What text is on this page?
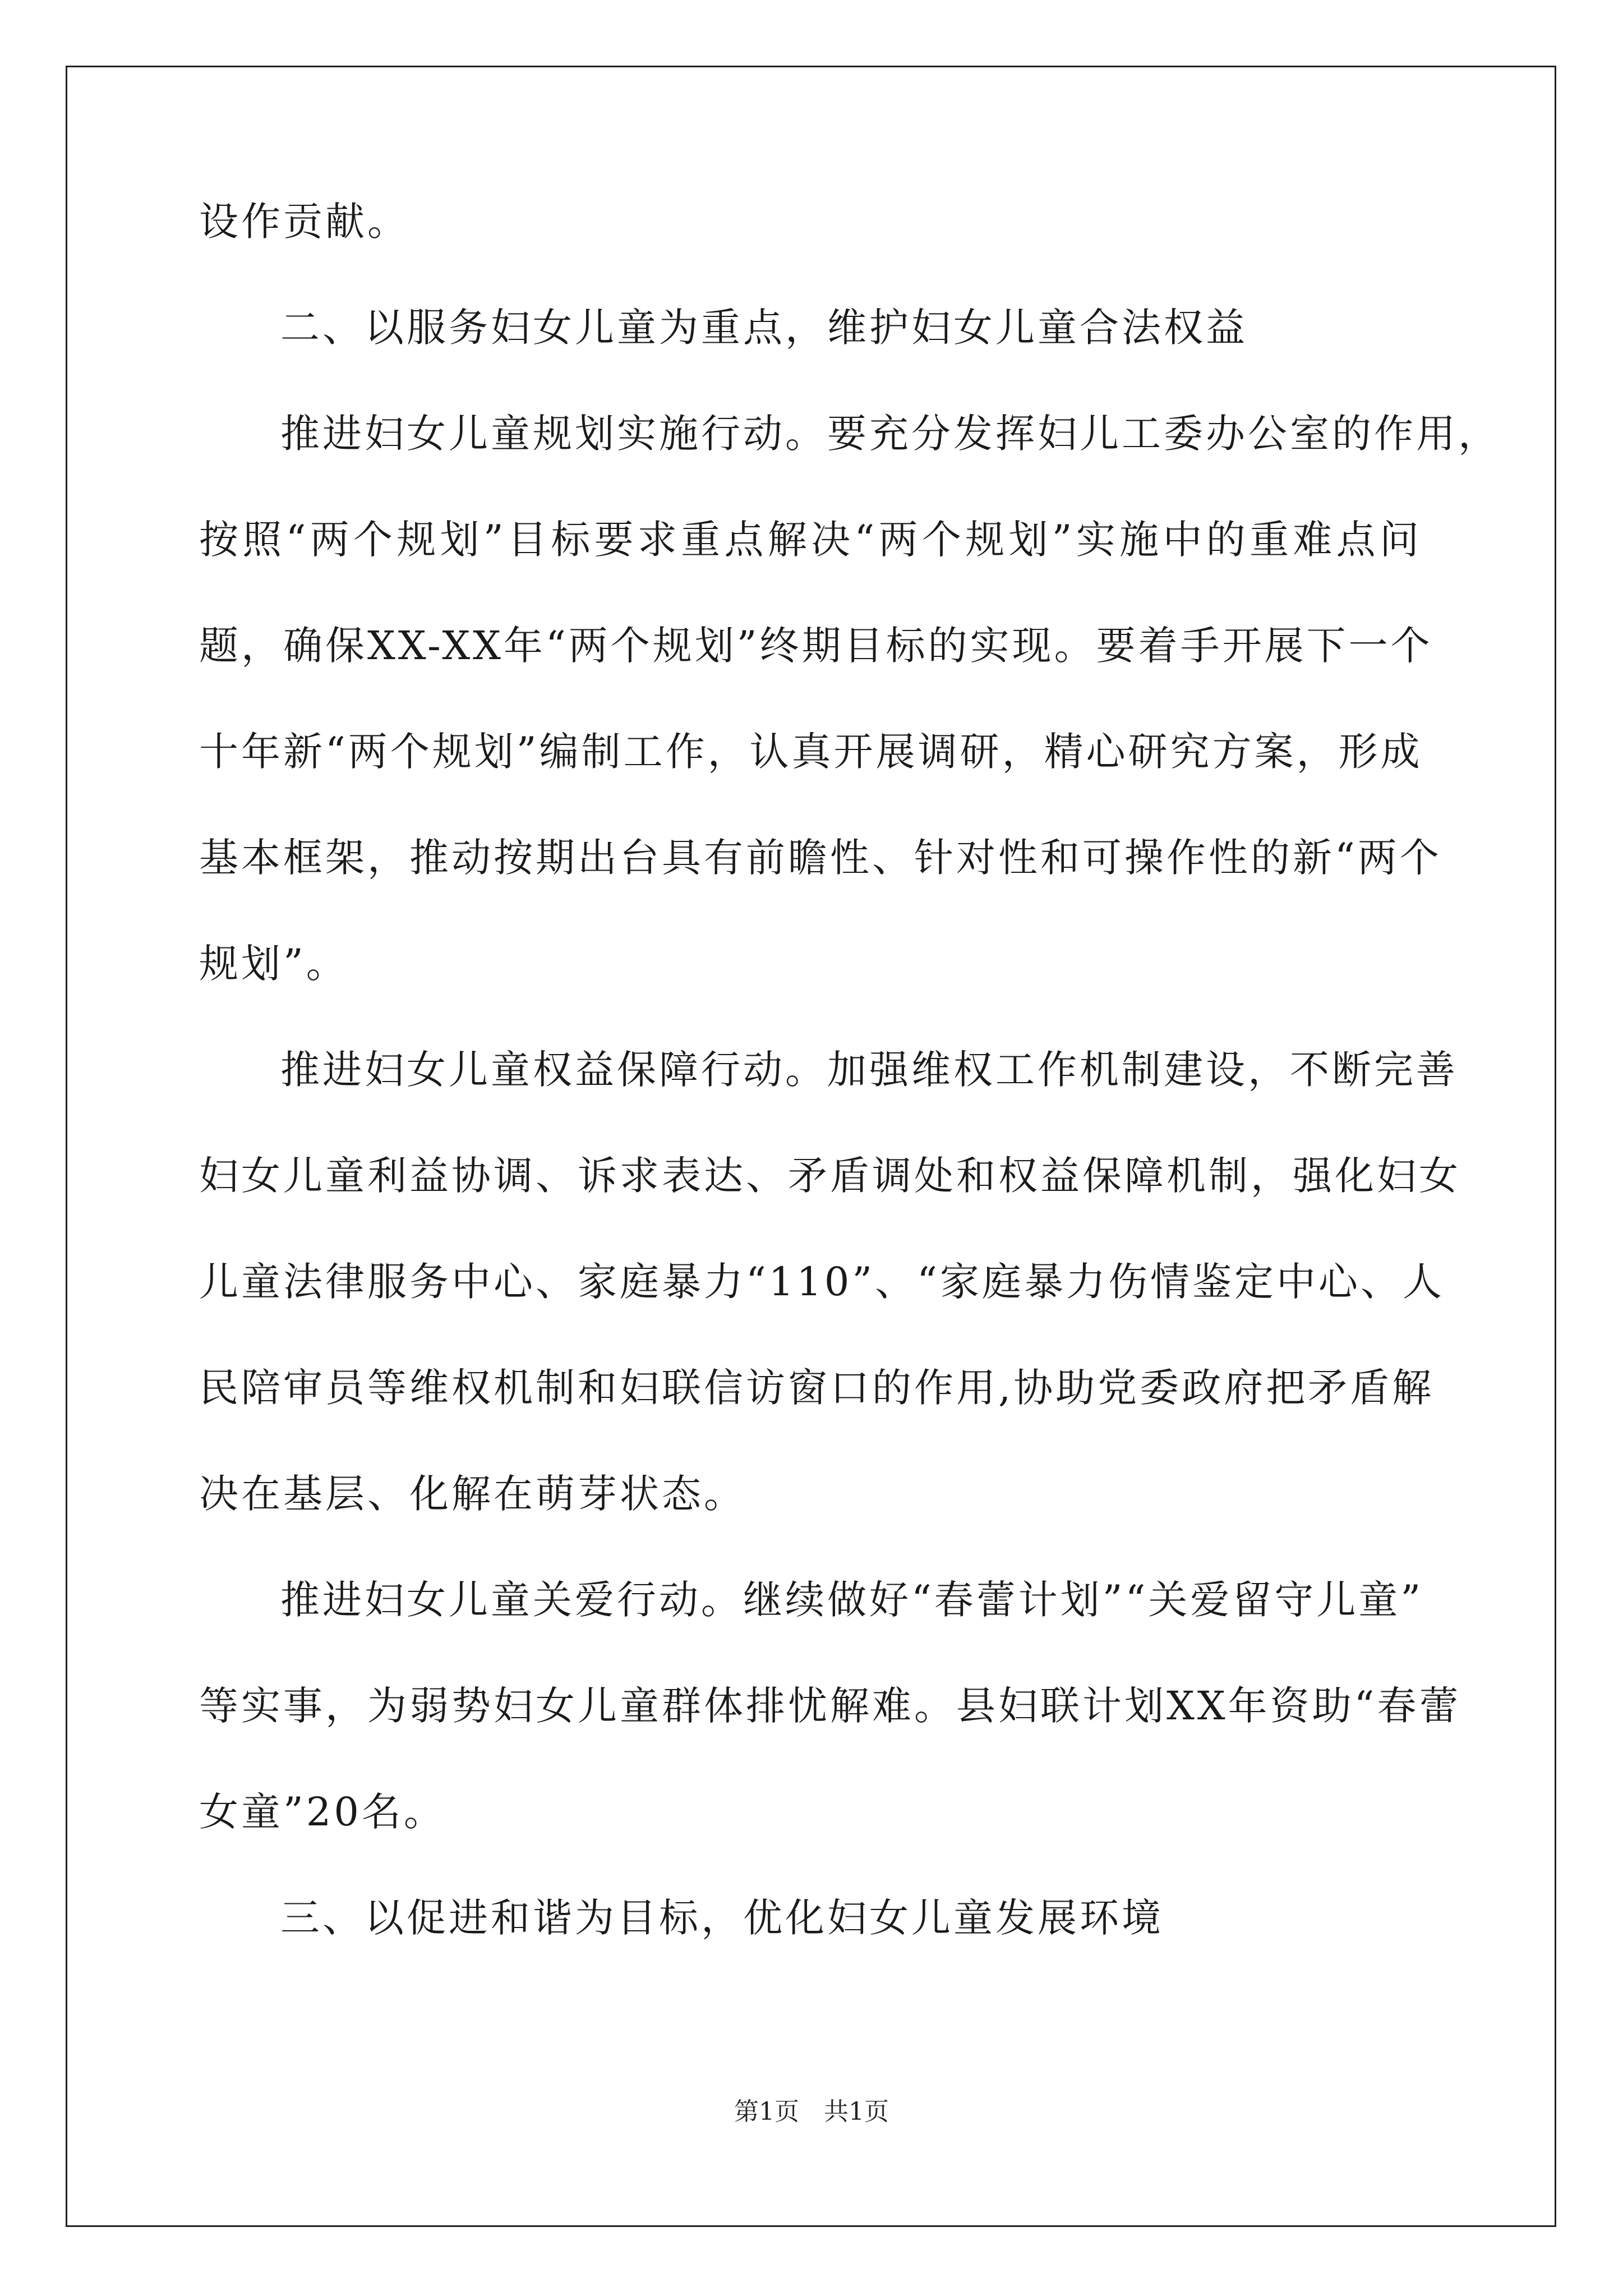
设作贡献。
二、以服务妇女儿童为重点，维护妇女儿童合法权益
推进妇女儿童规划实施行动。要充分发挥妇儿工委办公室的作用，
按照“两个规划”目标要求重点解决“两个规划”实施中的重难点问
题，确保XX-XX年“两个规划”终期目标的实现。要着手开展下一个
十年新“两个规划”编制工作，认真开展调研，精心研究方案，形成
基本框架，推动按期出台具有前瞻性、针对性和可操作性的新“两个
规划”。
推进妇女儿童权益保障行动。加强维权工作机制建设，不断完善
妇女儿童利益协调、诉求表达、矛盾调处和权益保障机制，强化妇女
儿童法律服务中心、家庭暴力“110”、“家庭暴力伤情鉴定中心、人
民陪审员等维权机制和妇联信访窗口的作用,协助党委政府把矛盾解
决在基层、化解在萌芽状态。
推进妇女儿童关爱行动。继续做好“春蕾计划”“关爱留守儿童”
等实事，为弱势妇女儿童群体排忧解难。县妇联计划XX年资助“春蕾
女童”20名。
三、以促进和谐为目标，优化妇女儿童发展环境
第1页　共1页
